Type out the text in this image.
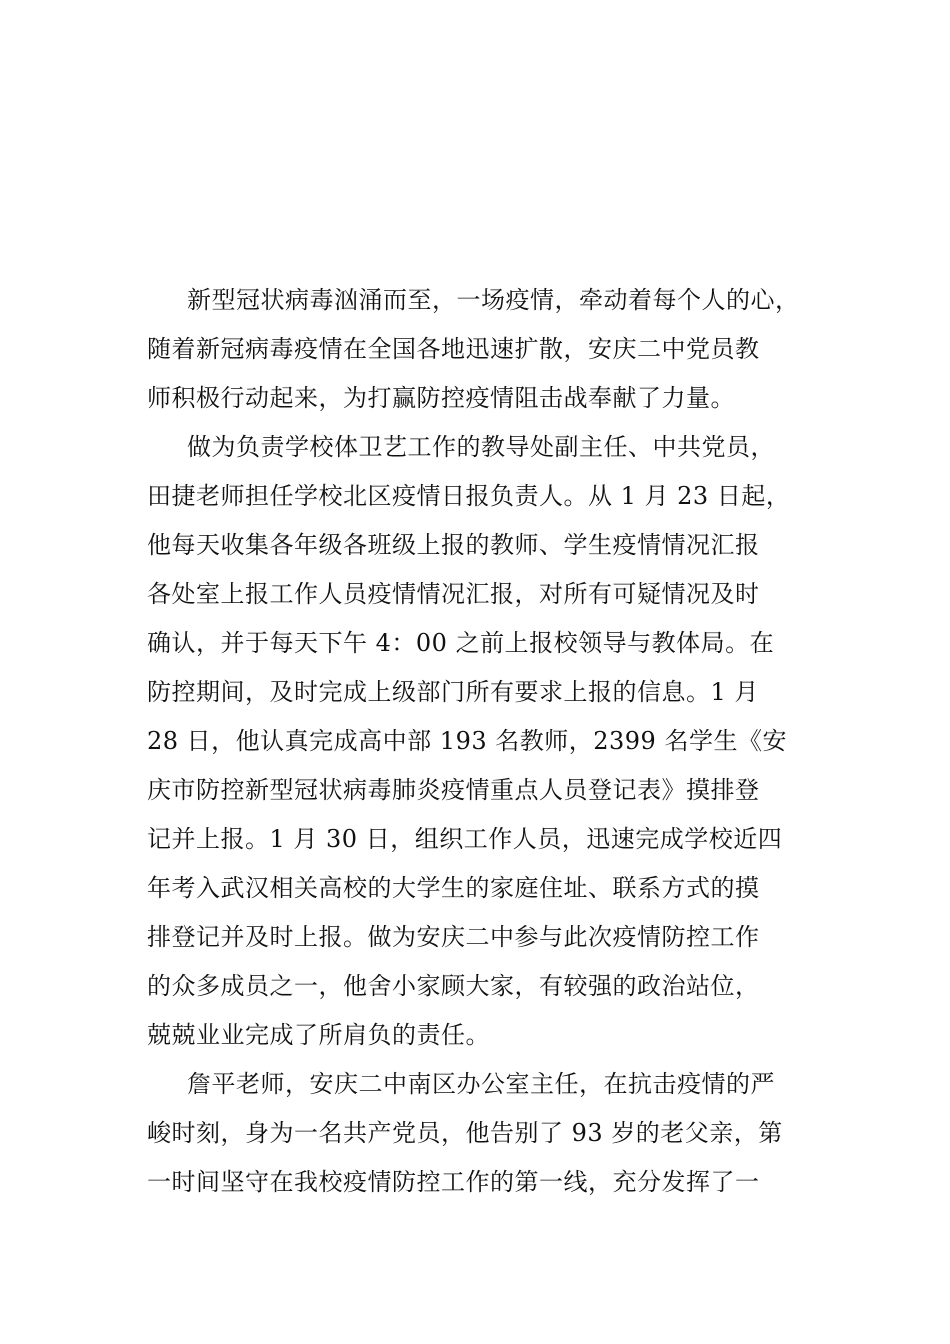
新型冠状病毒汹涌而至，一场疫情，牵动着每个人的心，
随着新冠病毒疫情在全国各地迅速扩散，安庆二中党员教
师积极行动起来，为打赢防控疫情阻击战奉献了力量。
做为负责学校体卫艺工作的教导处副主任、中共党员，
田捷老师担任学校北区疫情日报负责人。从 1 月 23 日起，
他每天收集各年级各班级上报的教师、学生疫情情况汇报
各处室上报工作人员疫情情况汇报，对所有可疑情况及时
确认，并于每天下午 4：00 之前上报校领导与教体局。在
防控期间，及时完成上级部门所有要求上报的信息。1 月
28 日，他认真完成高中部 193 名教师，2399 名学生《安
庆市防控新型冠状病毒肺炎疫情重点人员登记表》摸排登
记并上报。1 月 30 日，组织工作人员，迅速完成学校近四
年考入武汉相关高校的大学生的家庭住址、联系方式的摸
排登记并及时上报。做为安庆二中参与此次疫情防控工作
的众多成员之一，他舍小家顾大家，有较强的政治站位，
兢兢业业完成了所肩负的责任。
詹平老师，安庆二中南区办公室主任，在抗击疫情的严
峻时刻，身为一名共产党员，他告别了 93 岁的老父亲，第
一时间坚守在我校疫情防控工作的第一线，充分发挥了一
